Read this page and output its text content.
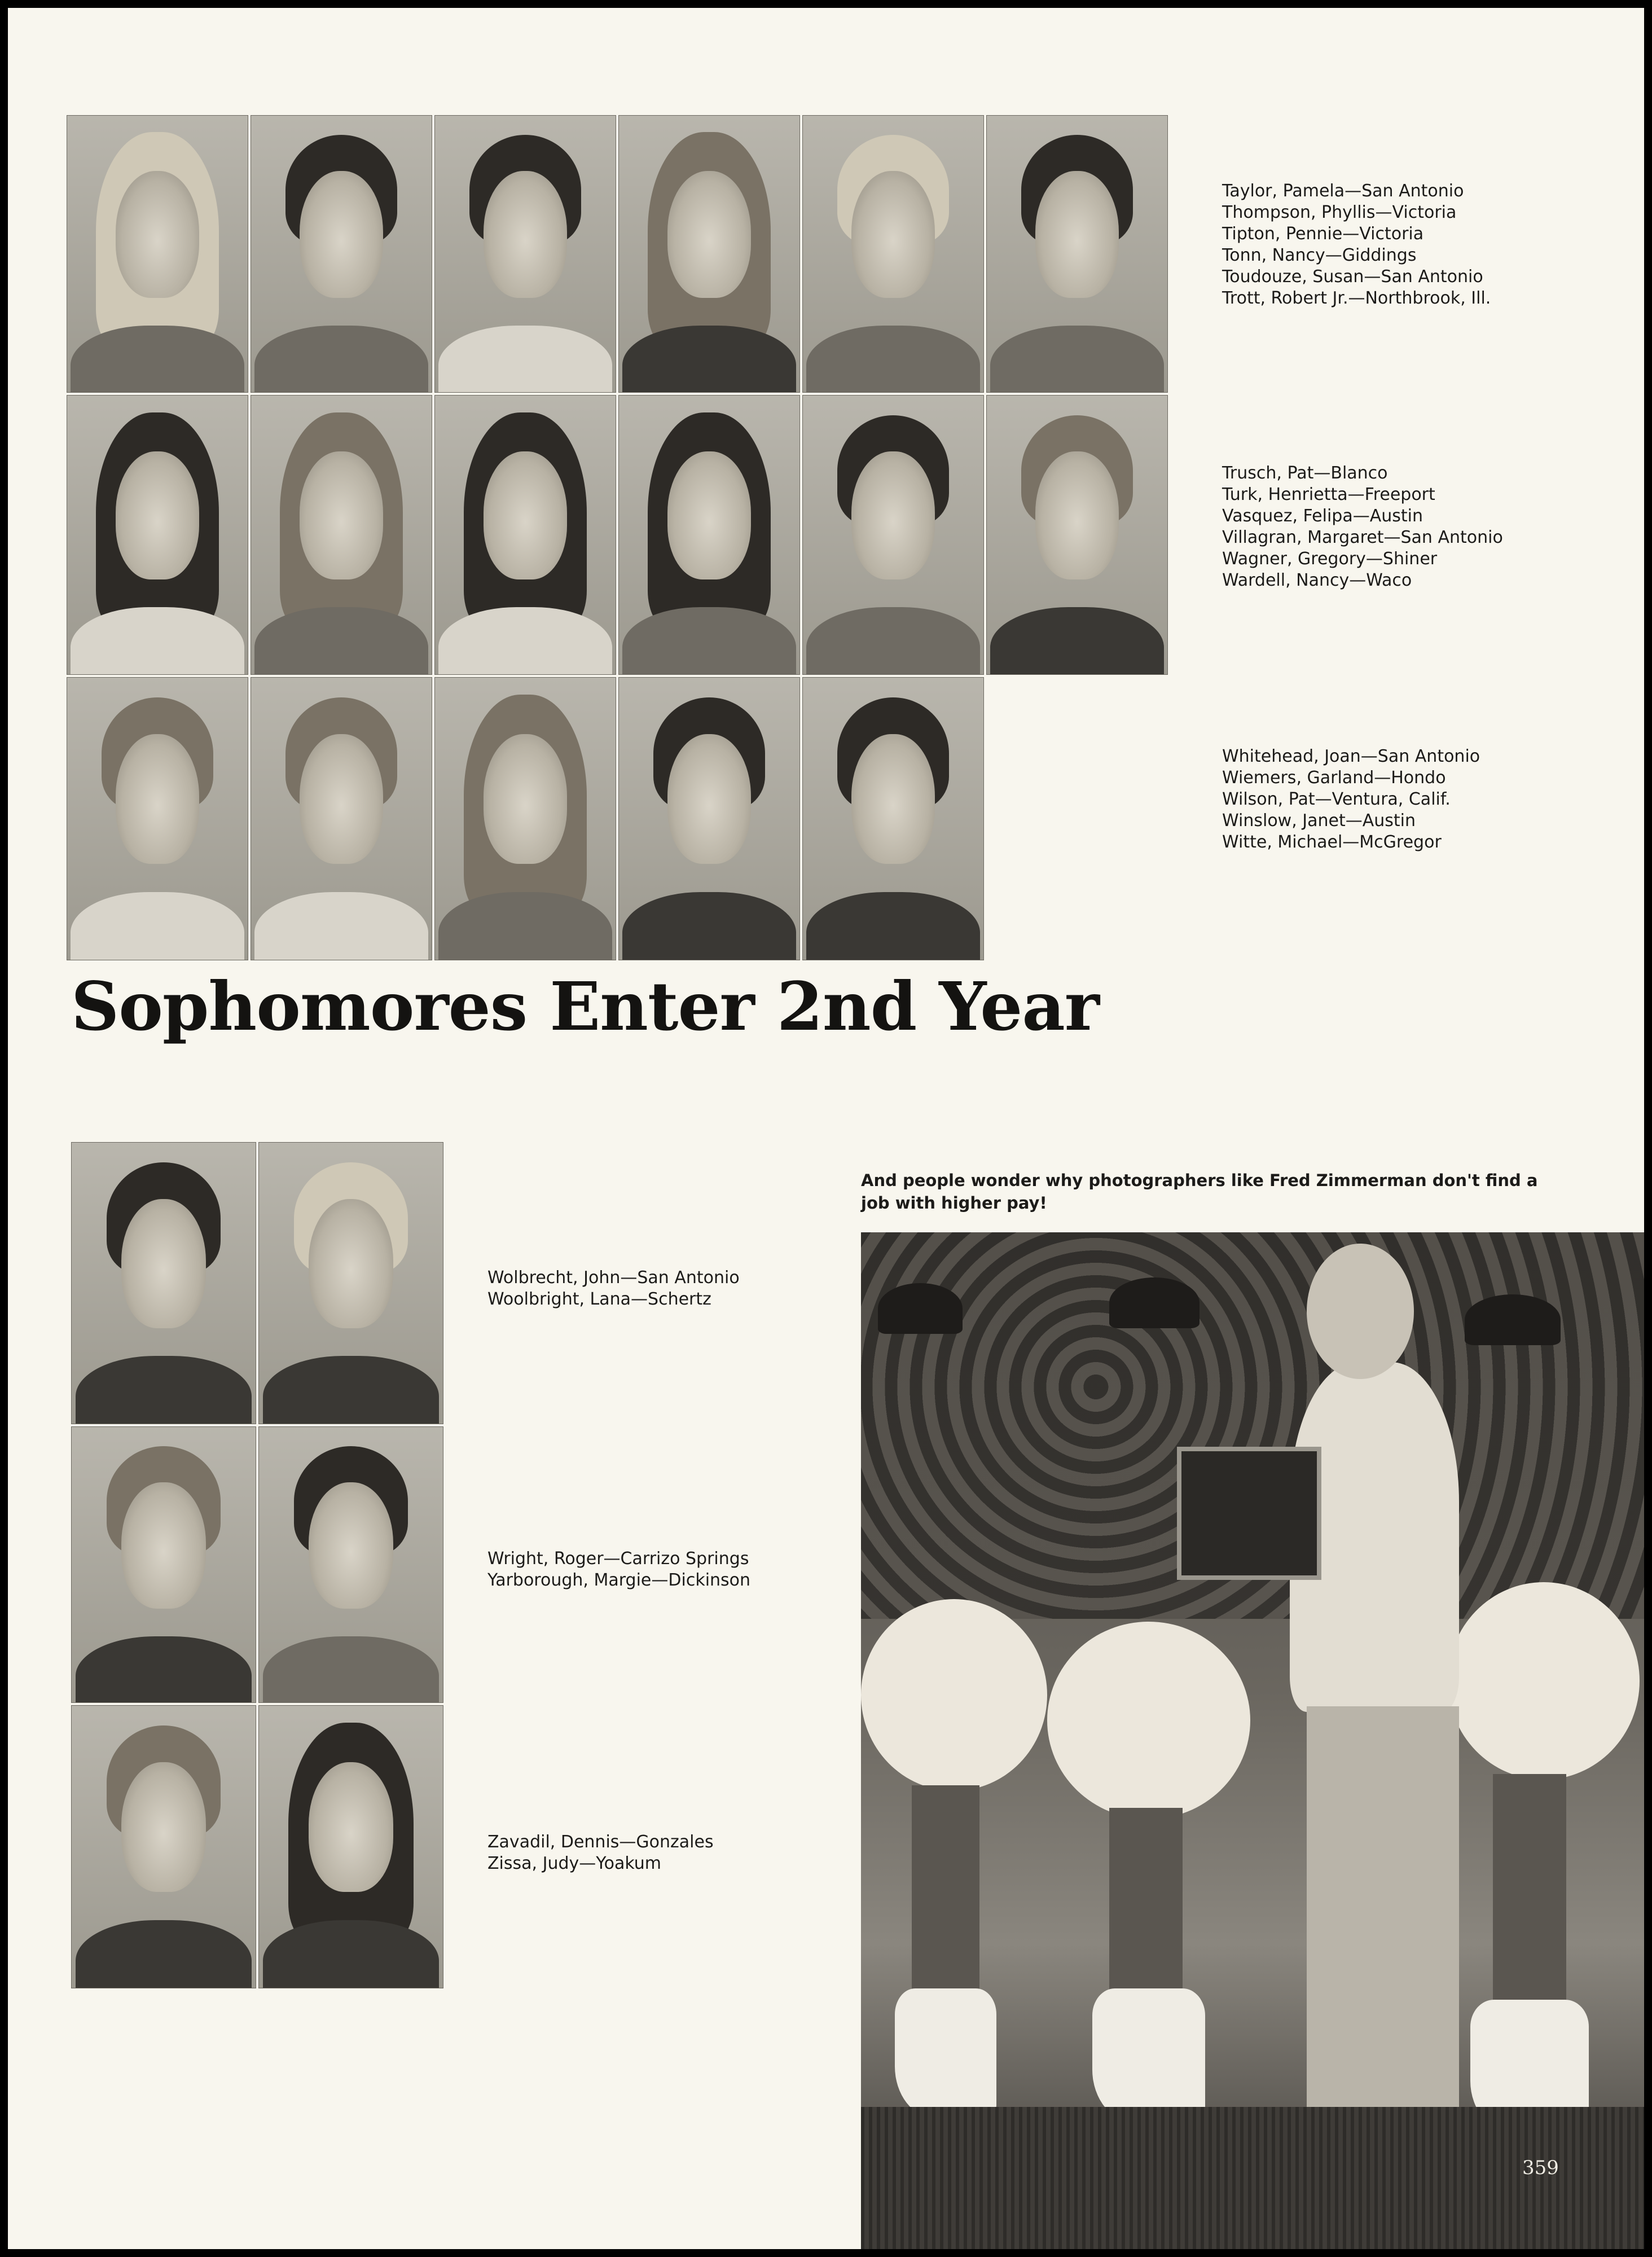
Taylor, Pamela—San Antonio
Thompson, Phyllis—Victoria
Tipton, Pennie—Victoria
Tonn, Nancy—Giddings
Toudouze, Susan—San Antonio
Trott, Robert Jr.—Northbrook, Ill.
Trusch, Pat—Blanco
Turk, Henrietta—Freeport
Vasquez, Felipa—Austin
Villagran, Margaret—San Antonio
Wagner, Gregory—Shiner
Wardell, Nancy—Waco
Whitehead, Joan—San Antonio
Wiemers, Garland—Hondo
Wilson, Pat—Ventura, Calif.
Winslow, Janet—Austin
Witte, Michael—McGregor
Sophomores Enter 2nd Year
Wolbrecht, John—San Antonio
Woolbright, Lana—Schertz
Wright, Roger—Carrizo Springs
Yarborough, Margie—Dickinson
Zavadil, Dennis—Gonzales
Zissa, Judy—Yoakum
And people wonder why photographers like Fred Zimmerman don't find a job with higher pay!
359
